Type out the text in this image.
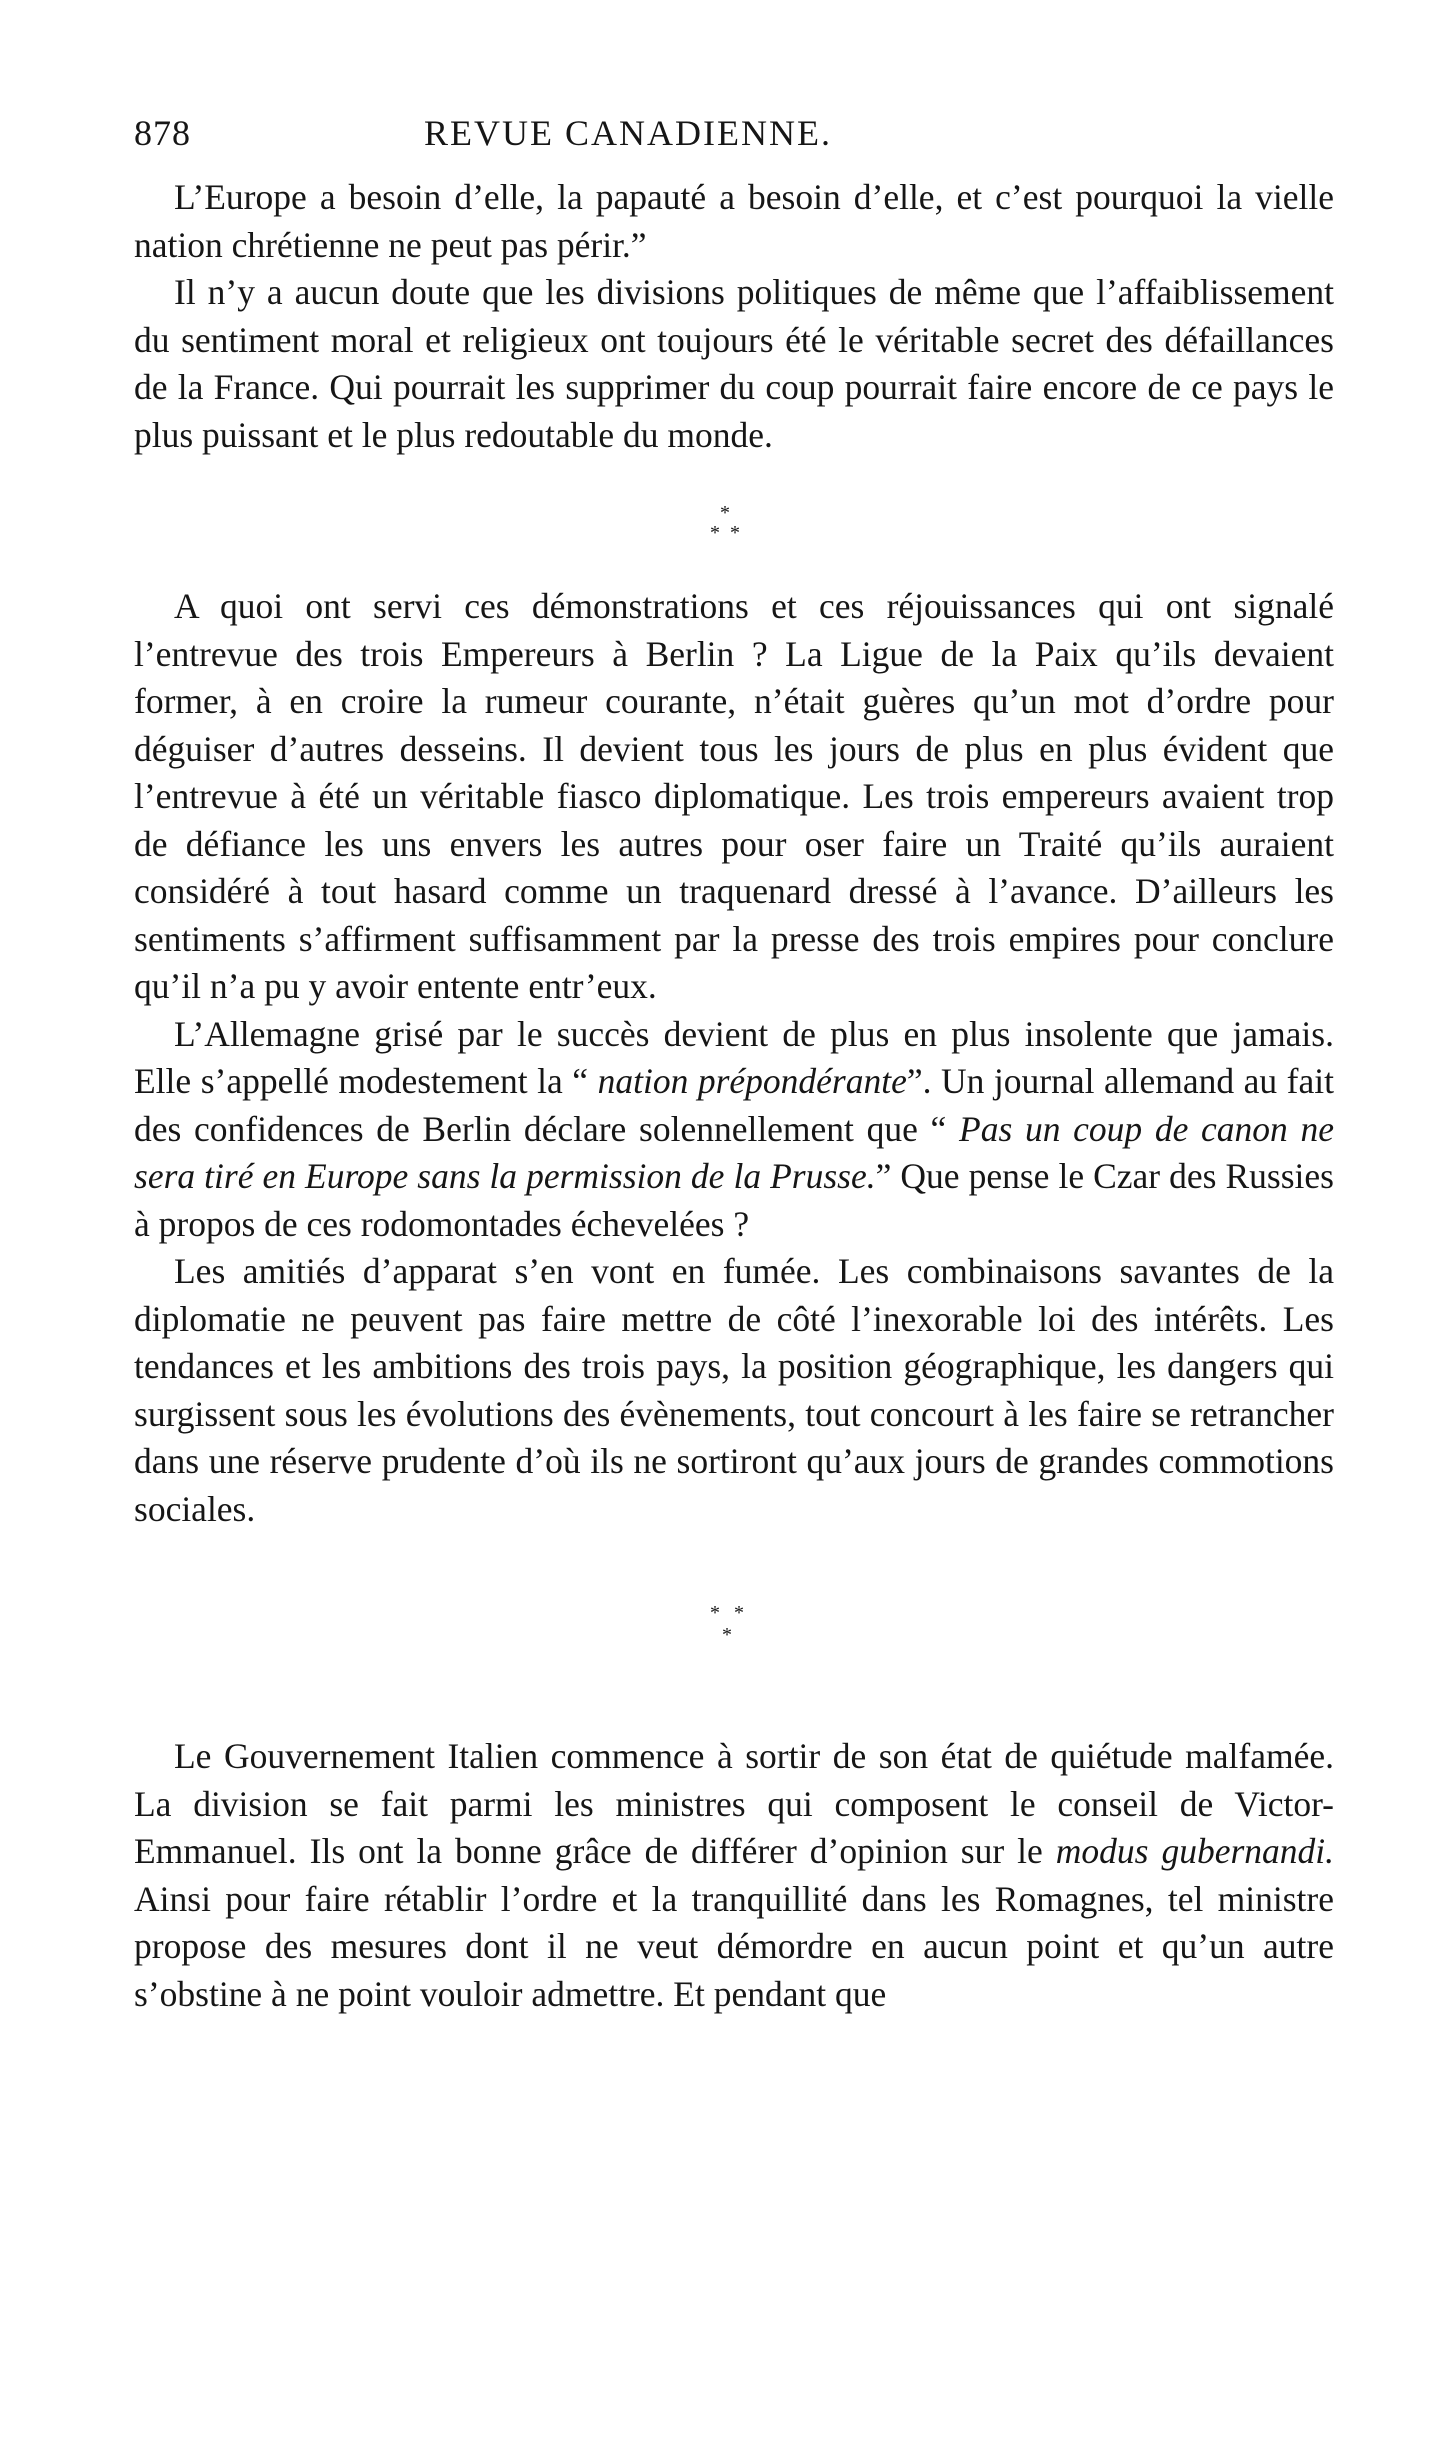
878	REVUE CANADIENNE.

L’Europe a besoin d’elle, la papauté a besoin d’elle, et c’est pourquoi la vielle nation chrétienne ne peut pas périr.”

Il n’y a aucun doute que les divisions politiques de même que l’affaiblissement du sentiment moral et religieux ont toujours été le véritable secret des défaillances de la France. Qui pourrait les supprimer du coup pourrait faire encore de ce pays le plus puissant et le plus redoutable du monde.

*
* *

A quoi ont servi ces démonstrations et ces réjouissances qui ont signalé l’entrevue des trois Empereurs à Berlin ? La Ligue de la Paix qu’ils devaient former, à en croire la rumeur courante, n’était guères qu’un mot d’ordre pour déguiser d’autres desseins. Il devient tous les jours de plus en plus évident que l’entrevue à été un véritable fiasco diplomatique. Les trois empereurs avaient trop de défiance les uns envers les autres pour oser faire un Traité qu’ils auraient considéré à tout hasard comme un traquenard dressé à l’avance. D’ailleurs les sentiments s’affirment suffisamment par la presse des trois empires pour conclure qu’il n’a pu y avoir entente entr’eux.

L’Allemagne grisé par le succès devient de plus en plus insolente que jamais. Elle s’appellé modestement la “ nation prépondérante”. Un journal allemand au fait des confidences de Berlin déclare solennellement que “ Pas un coup de canon ne sera tiré en Europe sans la permission de la Prusse.” Que pense le Czar des Russies à propos de ces rodomontades échevelées ?

Les amitiés d’apparat s’en vont en fumée. Les combinaisons savantes de la diplomatie ne peuvent pas faire mettre de côté l’inexorable loi des intérêts. Les tendances et les ambitions des trois pays, la position géographique, les dangers qui surgissent sous les évolutions des évènements, tout concourt à les faire se retrancher dans une réserve prudente d’où ils ne sortiront qu’aux jours de grandes commotions sociales.

* *
*

Le Gouvernement Italien commence à sortir de son état de quiétude malfamée. La division se fait parmi les ministres qui composent le conseil de Victor-Emmanuel. Ils ont la bonne grâce de différer d’opinion sur le modus gubernandi. Ainsi pour faire rétablir l’ordre et la tranquillité dans les Romagnes, tel ministre propose des mesures dont il ne veut démordre en aucun point et qu’un autre s’obstine à ne point vouloir admettre. Et pendant que
